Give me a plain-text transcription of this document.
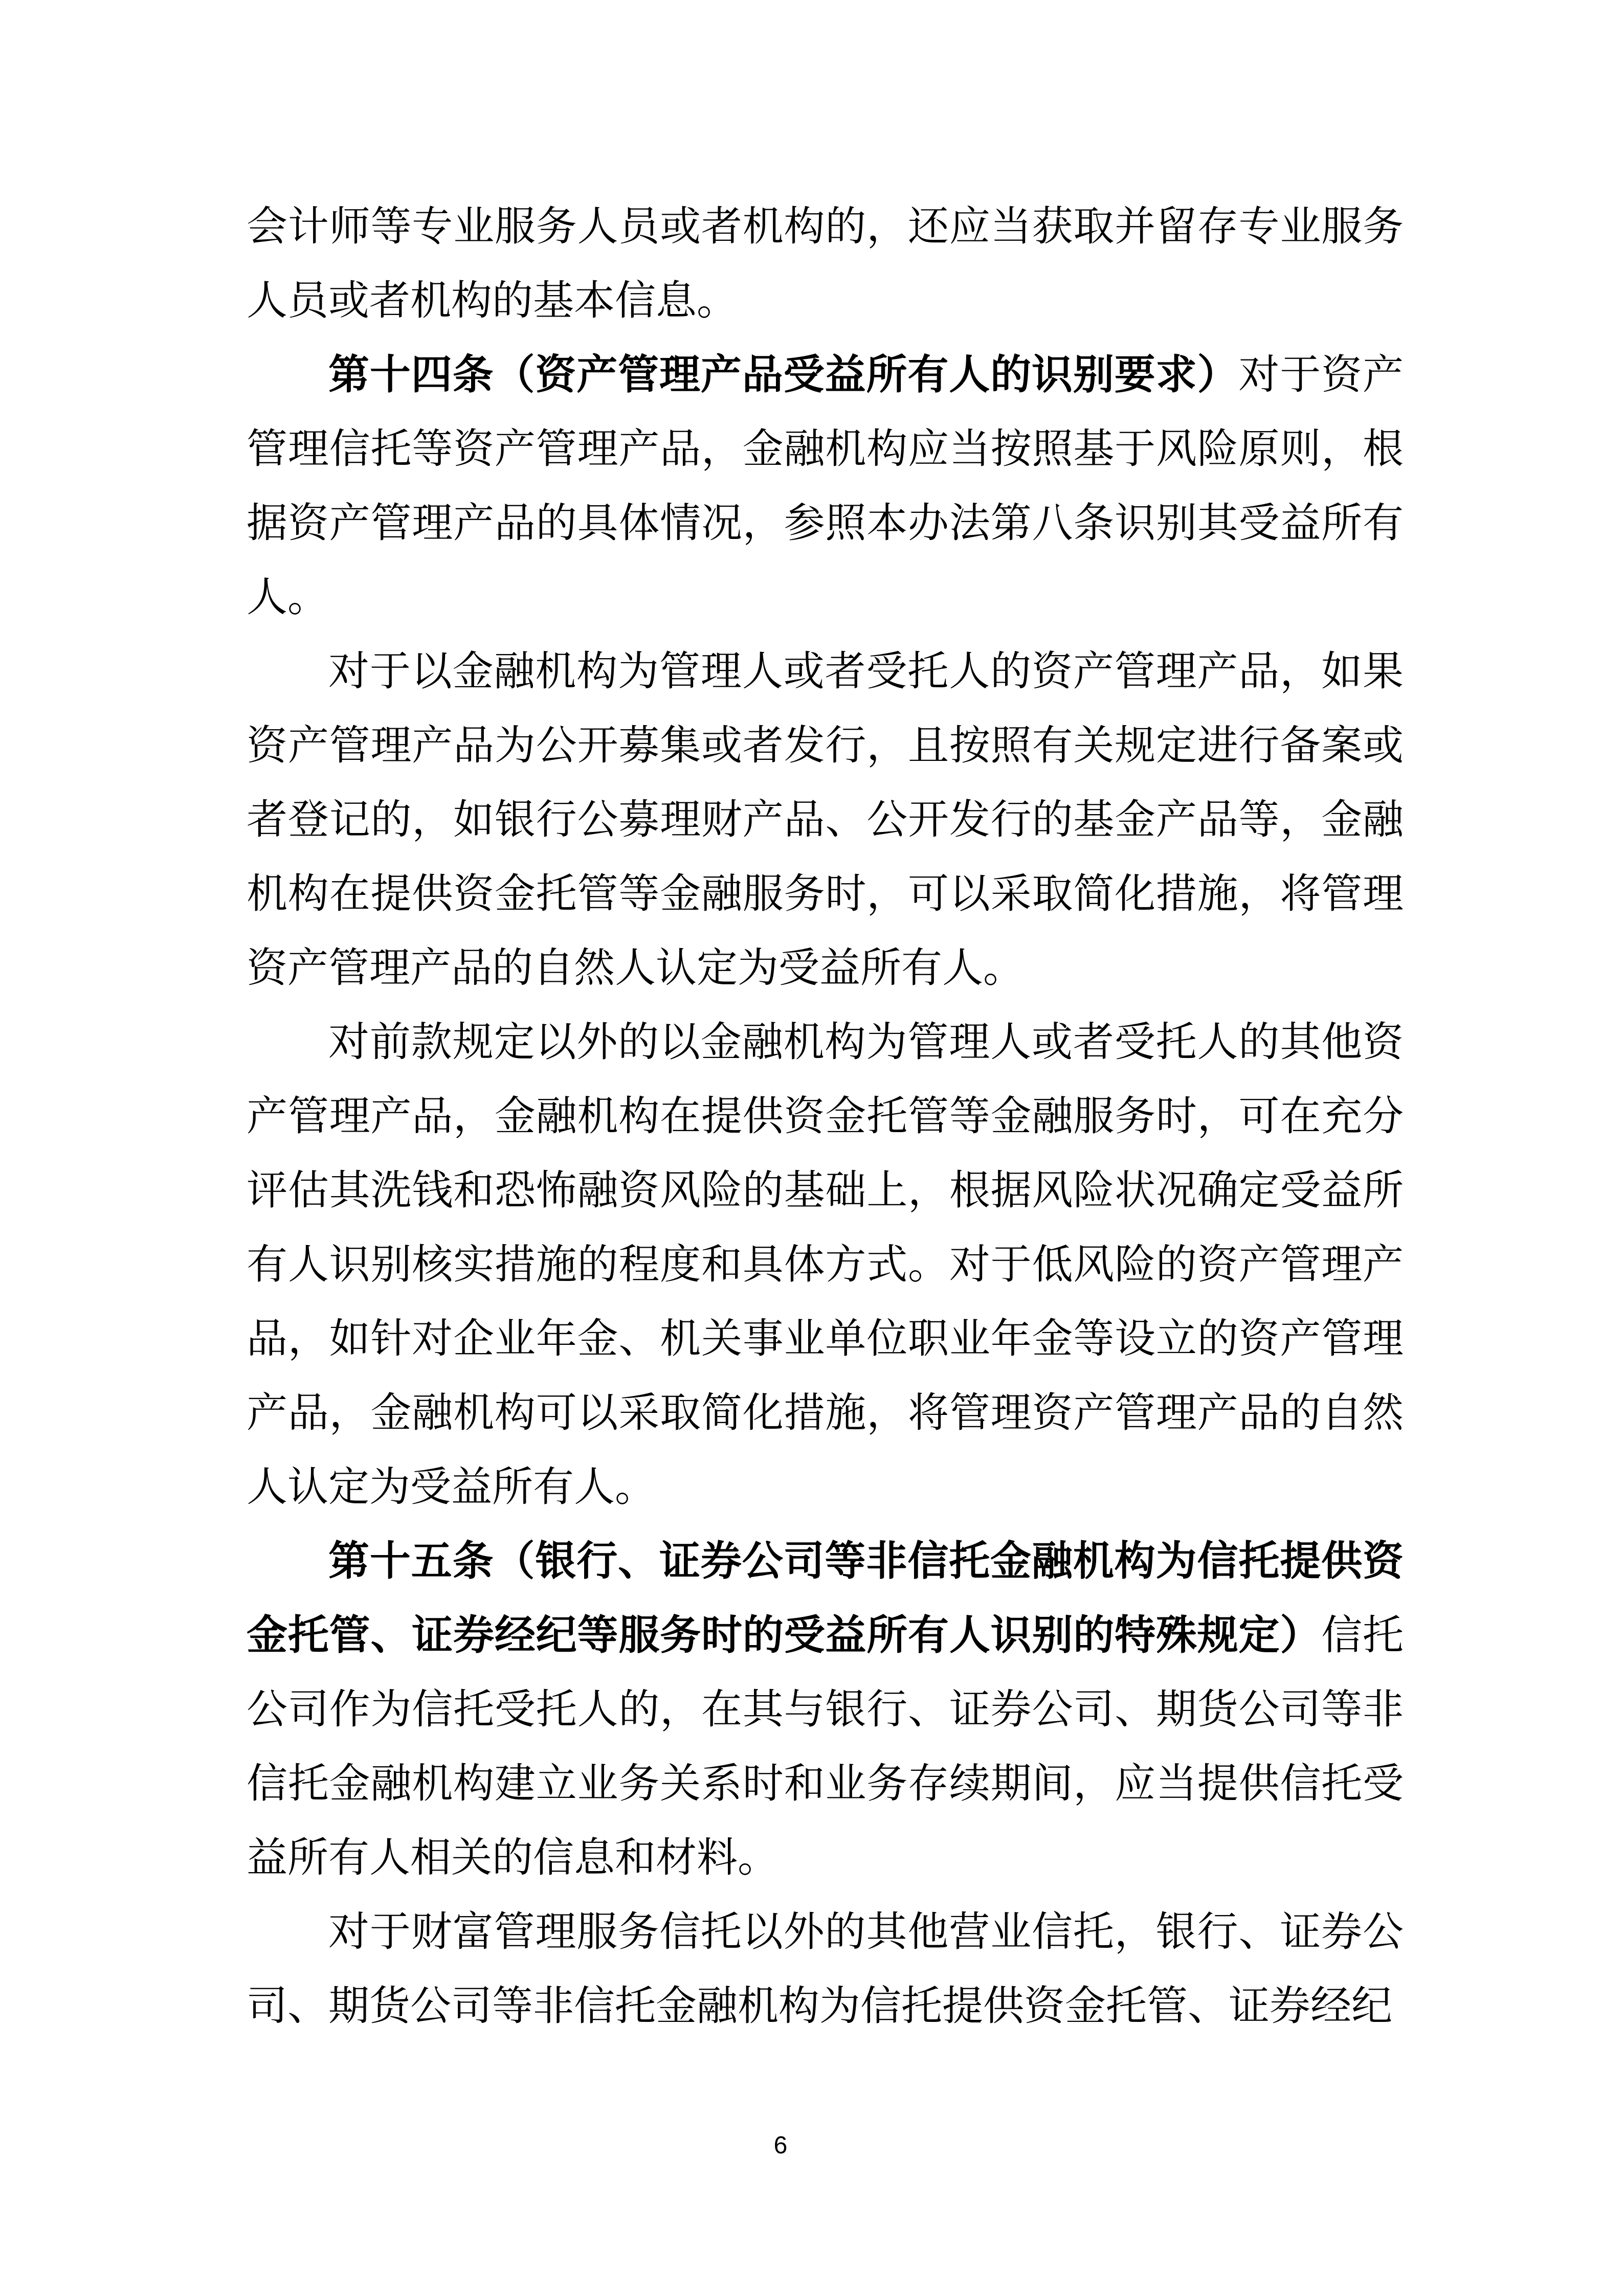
会计师等专业服务人员或者机构的，还应当获取并留存专业服务人员或者机构的基本信息。

第十四条（资产管理产品受益所有人的识别要求）对于资产管理信托等资产管理产品，金融机构应当按照基于风险原则，根据资产管理产品的具体情况，参照本办法第八条识别其受益所有人。

对于以金融机构为管理人或者受托人的资产管理产品，如果资产管理产品为公开募集或者发行，且按照有关规定进行备案或者登记的，如银行公募理财产品、公开发行的基金产品等，金融机构在提供资金托管等金融服务时，可以采取简化措施，将管理资产管理产品的自然人认定为受益所有人。

对前款规定以外的以金融机构为管理人或者受托人的其他资产管理产品，金融机构在提供资金托管等金融服务时，可在充分评估其洗钱和恐怖融资风险的基础上，根据风险状况确定受益所有人识别核实措施的程度和具体方式。对于低风险的资产管理产品，如针对企业年金、机关事业单位职业年金等设立的资产管理产品，金融机构可以采取简化措施，将管理资产管理产品的自然人认定为受益所有人。

第十五条（银行、证券公司等非信托金融机构为信托提供资金托管、证券经纪等服务时的受益所有人识别的特殊规定）信托公司作为信托受托人的，在其与银行、证券公司、期货公司等非信托金融机构建立业务关系时和业务存续期间，应当提供信托受益所有人相关的信息和材料。

对于财富管理服务信托以外的其他营业信托，银行、证券公司、期货公司等非信托金融机构为信托提供资金托管、证券经纪

6
